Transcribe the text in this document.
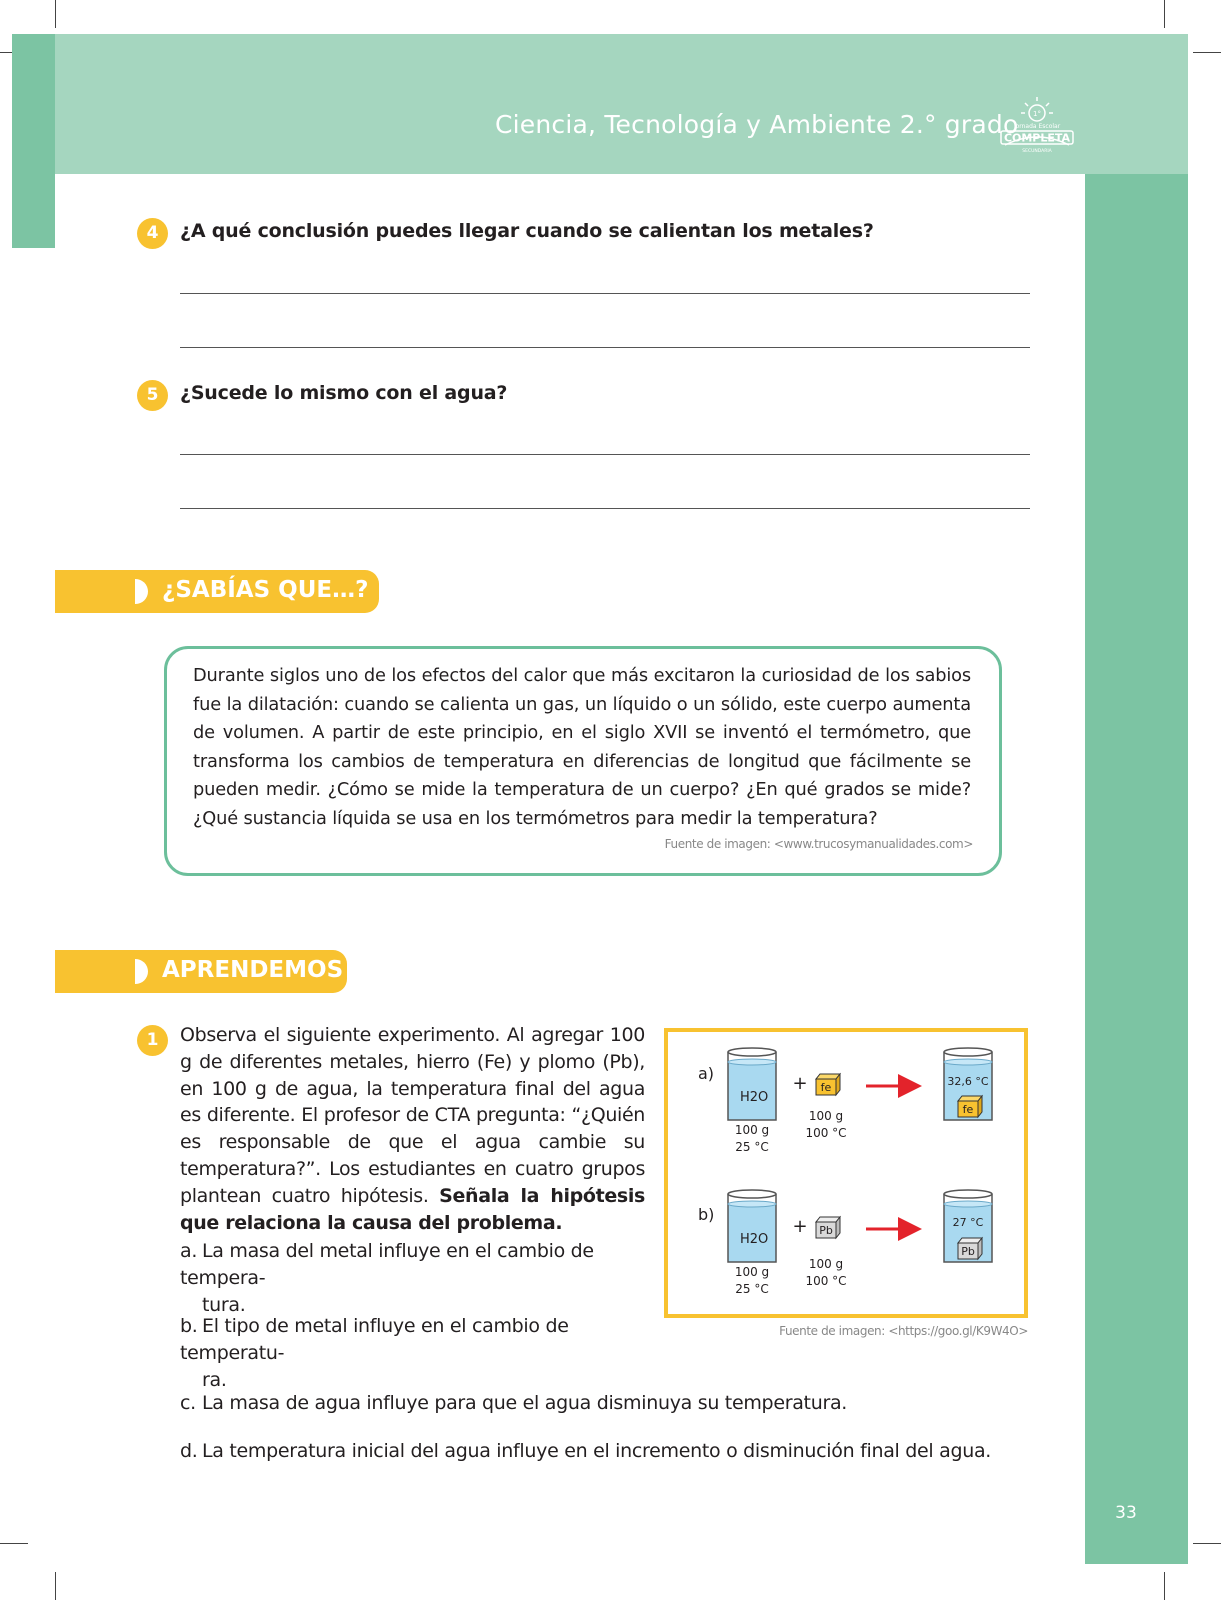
Ciencia, Tecnología y Ambiente 2.° grado 1°
Jornada Escolar
COMPLETA
SECUNDARIA
4	¿A qué conclusión puedes llegar cuando se calientan los metales?
5	¿Sucede lo mismo con el agua?
¿SABÍAS QUE…?
Durante siglos uno de los efectos del calor que más excitaron la curiosidad de los sabios fue la dilatación: cuando se calienta un gas, un líquido o un sólido, este cuerpo aumenta de volumen. A partir de este principio, en el siglo XVII se inventó el termómetro, que transforma los cambios de temperatura en diferencias de longitud que fácilmente se pueden medir. ¿Cómo se mide la temperatura de un cuerpo? ¿En qué grados se mide? ¿Qué sustancia líquida se usa en los termómetros para medir la temperatura?
Fuente de imagen: <www.trucosymanualidades.com>
APRENDEMOS
1	Observa el siguiente experimento. Al agregar 100 g de diferentes metales, hierro (Fe) y plomo (Pb), en 100 g de agua, la temperatura final del agua es diferente. El profesor de CTA pregunta: “¿Quién es responsable de que el agua cambie su temperatura?”. Los estudiantes en cuatro grupos plantean cuatro hipótesis. Señala la hipótesis que relaciona la causa del problema.
a. La masa del metal influye en el cambio de tempera-
tura.
b. El tipo de metal influye en el cambio de temperatu-
ra.
c. La masa de agua influye para que el agua disminuya su temperatura.
d. La temperatura inicial del agua influye en el incremento o disminución final del agua.
a)
H2O
100 g
25 °C
+ fe
100 g
100 °C
32,6 °C
fe
b)
H2O
100 g
25 °C
+ Pb
100 g
100 °C
27 °C
Pb
Fuente de imagen: <https://goo.gl/K9W4O>
33
